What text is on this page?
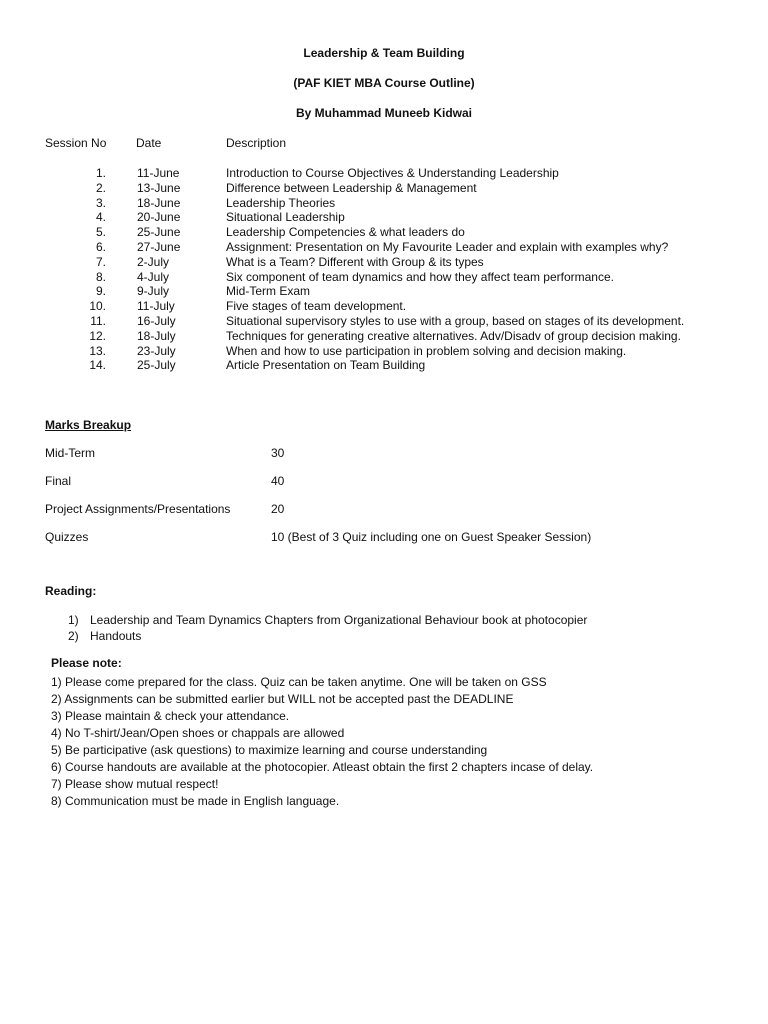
Leadership & Team Building
(PAF KIET MBA Course Outline)
By Muhammad Muneeb Kidwai
Session No Date	Description
1.	11-June	Introduction to Course Objectives & Understanding Leadership
2.	13-June	Difference between Leadership & Management
3.	18-June	Leadership Theories
4.	20-June	Situational Leadership
5.	25-June	Leadership Competencies & what leaders do
6.	27-June	Assignment: Presentation on My Favourite Leader and explain with examples why?
7.	2-July	What is a Team? Different with Group & its types
8.	4-July	Six component of team dynamics and how they affect team performance.
9.	9-July	Mid-Term Exam
10.	11-July	Five stages of team development.
11.	16-July	Situational supervisory styles to use with a group, based on stages of its development.
12.	18-July	Techniques for generating creative alternatives. Adv/Disadv of group decision making.
13.	23-July	When and how to use participation in problem solving and decision making.
14.	25-July	Article Presentation on Team Building
Marks Breakup
Mid-Term	30
Final	40
Project Assignments/Presentations	20
Quizzes	10 (Best of 3 Quiz including one on Guest Speaker Session)
Reading:
1) Leadership and Team Dynamics Chapters from Organizational Behaviour book at photocopier
2) Handouts
Please note:
1) Please come prepared for the class. Quiz can be taken anytime. One will be taken on GSS
2) Assignments can be submitted earlier but WILL not be accepted past the DEADLINE
3) Please maintain & check your attendance.
4) No T-shirt/Jean/Open shoes or chappals are allowed
5) Be participative (ask questions) to maximize learning and course understanding
6) Course handouts are available at the photocopier. Atleast obtain the first 2 chapters incase of delay.
7) Please show mutual respect!
8) Communication must be made in English language.
